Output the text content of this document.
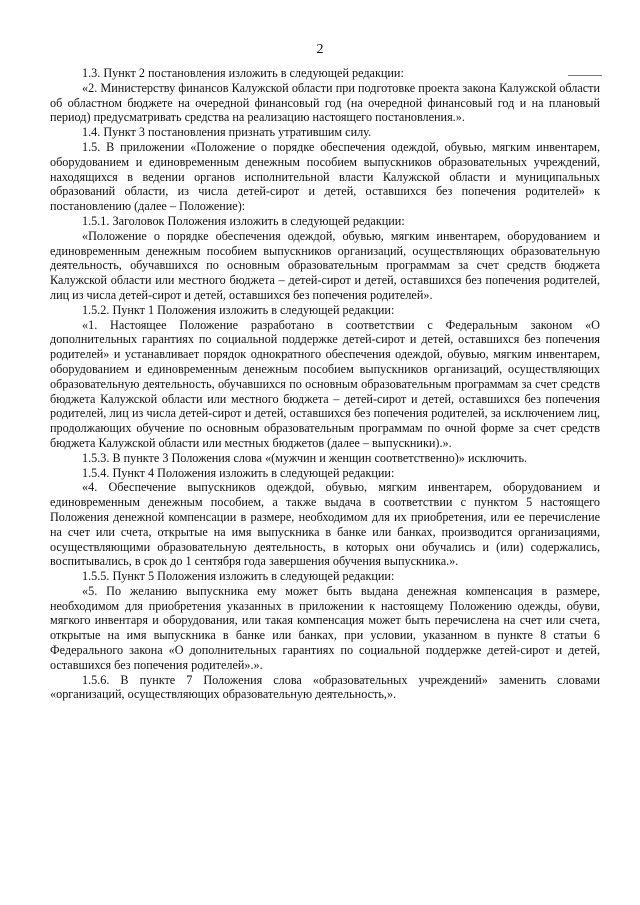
2

1.3. Пункт 2 постановления изложить в следующей редакции:

«2. Министерству финансов Калужской области при подготовке проекта закона Калужской области об областном бюджете на очередной финансовый год (на очередной финансовый год и на плановый период) предусматривать средства на реализацию настоящего постановления.».

1.4. Пункт 3 постановления признать утратившим силу.

1.5. В приложении «Положение о порядке обеспечения одеждой, обувью, мягким инвентарем, оборудованием и единовременным денежным пособием выпускников образовательных учреждений, находящихся в ведении органов исполнительной власти Калужской области и муниципальных образований области, из числа детей-сирот и детей, оставшихся без попечения родителей» к постановлению (далее – Положение):

1.5.1. Заголовок Положения изложить в следующей редакции:

«Положение о порядке обеспечения одеждой, обувью, мягким инвентарем, оборудованием и единовременным денежным пособием выпускников организаций, осуществляющих образовательную деятельность, обучавшихся по основным образовательным программам за счет средств бюджета Калужской области или местного бюджета – детей-сирот и детей, оставшихся без попечения родителей, лиц из числа детей-сирот и детей, оставшихся без попечения родителей».

1.5.2. Пункт 1 Положения изложить в следующей редакции:

«1. Настоящее Положение разработано в соответствии с Федеральным законом «О дополнительных гарантиях по социальной поддержке детей-сирот и детей, оставшихся без попечения родителей» и устанавливает порядок однократного обеспечения одеждой, обувью, мягким инвентарем, оборудованием и единовременным денежным пособием выпускников организаций, осуществляющих образовательную деятельность, обучавшихся по основным образовательным программам за счет средств бюджета Калужской области или местного бюджета – детей-сирот и детей, оставшихся без попечения родителей, лиц из числа детей-сирот и детей, оставшихся без попечения родителей, за исключением лиц, продолжающих обучение по основным образовательным программам по очной форме за счет средств бюджета Калужской области или местных бюджетов (далее – выпускники).».

1.5.3. В пункте 3 Положения слова «(мужчин и женщин соответственно)» исключить.

1.5.4. Пункт 4 Положения изложить в следующей редакции:

«4. Обеспечение выпускников одеждой, обувью, мягким инвентарем, оборудованием и единовременным денежным пособием, а также выдача в соответствии с пунктом 5 настоящего Положения денежной компенсации в размере, необходимом для их приобретения, или ее перечисление на счет или счета, открытые на имя выпускника в банке или банках, производится организациями, осуществляющими образовательную деятельность, в которых они обучались и (или) содержались, воспитывались, в срок до 1 сентября года завершения обучения выпускника.».

1.5.5. Пункт 5 Положения изложить в следующей редакции:

«5. По желанию выпускника ему может быть выдана денежная компенсация в размере, необходимом для приобретения указанных в приложении к настоящему Положению одежды, обуви, мягкого инвентаря и оборудования, или такая компенсация может быть перечислена на счет или счета, открытые на имя выпускника в банке или банках, при условии, указанном в пункте 8 статьи 6 Федерального закона «О дополнительных гарантиях по социальной поддержке детей-сирот и детей, оставшихся без попечения родителей».».

1.5.6. В пункте 7 Положения слова «образовательных учреждений» заменить словами «организаций, осуществляющих образовательную деятельность,».
